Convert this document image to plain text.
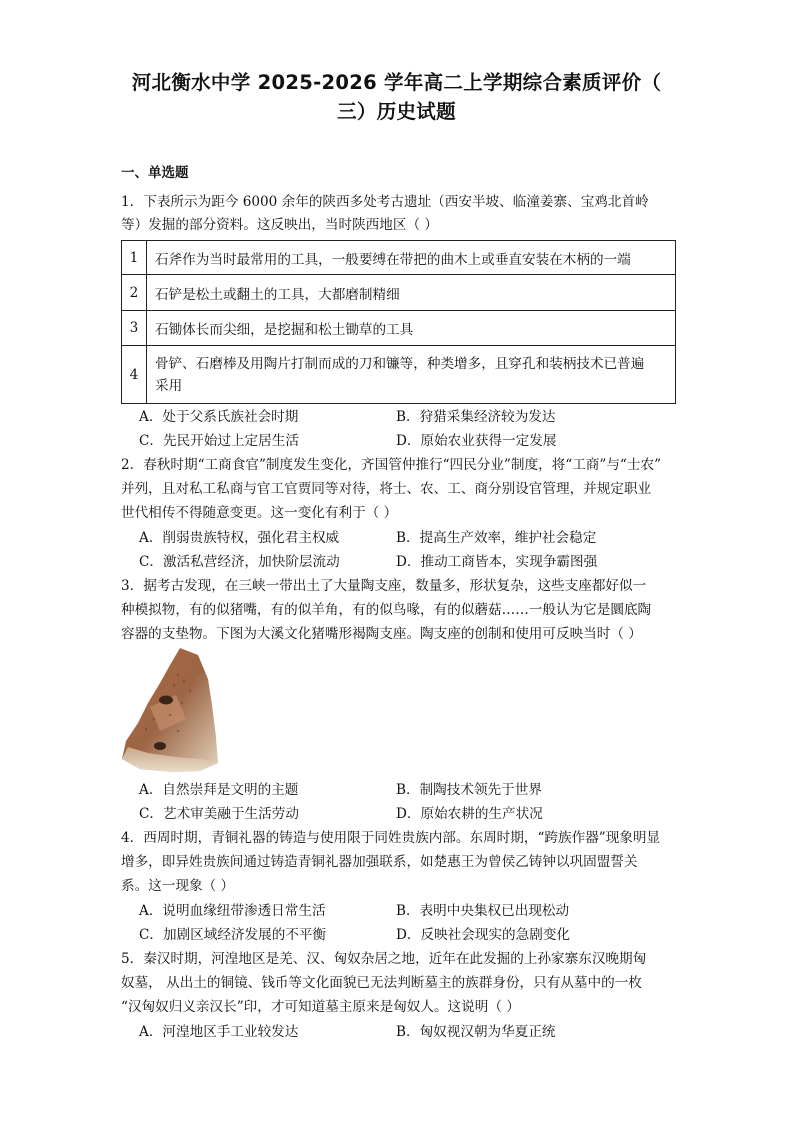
河北衡水中学 2025-2026 学年高二上学期综合素质评价（
三）历史试题
一、单选题
1．下表所示为距今 6000 余年的陕西多处考古遗址（西安半坡、临潼姜寨、宝鸡北首岭
等）发掘的部分资料。这反映出，当时陕西地区（ ）
1	石斧作为当时最常用的工具，一般要缚在带把的曲木上或垂直安装在木柄的一端
2	石铲是松土或翻土的工具，大都磨制精细
3	石锄体长而尖细，是挖掘和松土锄草的工具
4	骨铲、石磨棒及用陶片打制而成的刀和镰等，种类增多，且穿孔和装柄技术已普遍
采用
A．处于父系氏族社会时期	B．狩猎采集经济较为发达
C．先民开始过上定居生活	D．原始农业获得一定发展
2．春秋时期“工商食官”制度发生变化，齐国管仲推行“四民分业”制度，将“工商”与“士农”
并列，且对私工私商与官工官贾同等对待，将士、农、工、商分别设官管理，并规定职业
世代相传不得随意变更。这一变化有利于（ ）
A．削弱贵族特权，强化君主权威	B．提高生产效率，维护社会稳定
C．激活私营经济，加快阶层流动	D．推动工商皆本，实现争霸图强
3．据考古发现，在三峡一带出土了大量陶支座，数量多，形状复杂，这些支座都好似一
种模拟物，有的似猪嘴，有的似羊角，有的似鸟喙，有的似蘑菇……一般认为它是圜底陶
容器的支垫物。下图为大溪文化猪嘴形褐陶支座。陶支座的创制和使用可反映当时（ ）
A．自然崇拜是文明的主题	B．制陶技术领先于世界
C．艺术审美融于生活劳动	D．原始农耕的生产状况
4．西周时期，青铜礼器的铸造与使用限于同姓贵族内部。东周时期，“跨族作器”现象明显
增多，即异姓贵族间通过铸造青铜礼器加强联系，如楚惠王为曾侯乙铸钟以巩固盟誓关
系。这一现象（ ）
A．说明血缘纽带渗透日常生活	B．表明中央集权已出现松动
C．加剧区域经济发展的不平衡	D．反映社会现实的急剧变化
5．秦汉时期，河湟地区是羌、汉、匈奴杂居之地，近年在此发掘的上孙家寨东汉晚期匈
奴墓， 从出土的铜镜、钱币等文化面貌已无法判断墓主的族群身份，只有从墓中的一枚
“汉匈奴归义亲汉长”印，才可知道墓主原来是匈奴人。这说明（ ）
A．河湟地区手工业较发达	B．匈奴视汉朝为华夏正统
